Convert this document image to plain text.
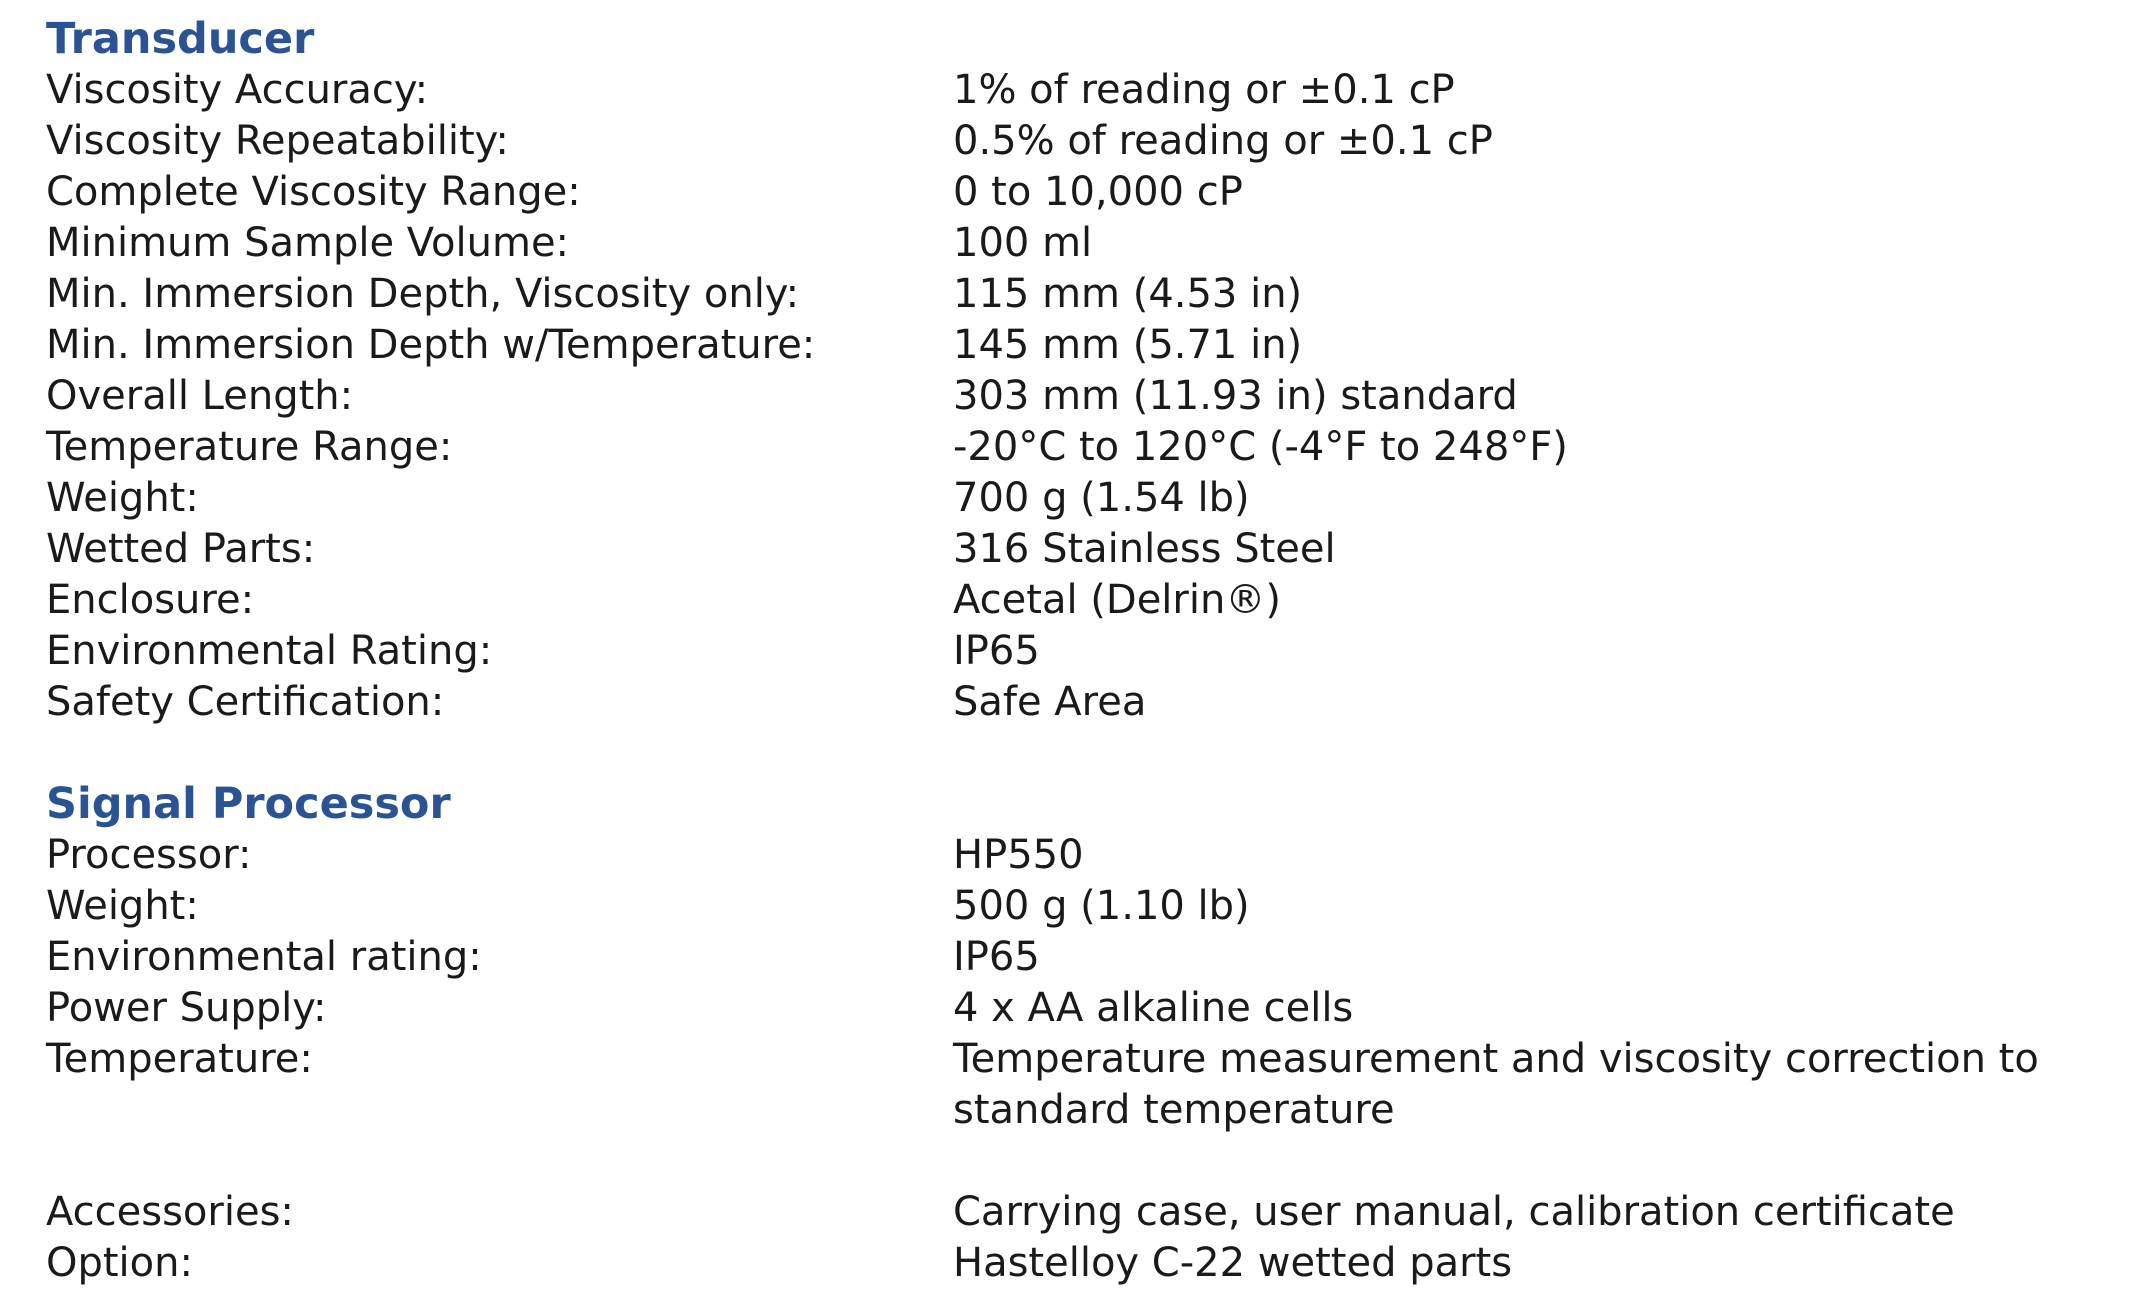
Transducer
Viscosity Accuracy:	1% of reading or ±0.1 cP
Viscosity Repeatability:	0.5% of reading or ±0.1 cP
Complete Viscosity Range:	0 to 10,000 cP
Minimum Sample Volume:	100 ml
Min. Immersion Depth, Viscosity only:	115 mm (4.53 in)
Min. Immersion Depth w/Temperature:	145 mm (5.71 in)
Overall Length:	303 mm (11.93 in) standard
Temperature Range:	-20°C to 120°C (-4°F to 248°F)
Weight:	700 g (1.54 lb)
Wetted Parts:	316 Stainless Steel
Enclosure:	Acetal (Delrin®)
Environmental Rating:	IP65
Safety Certification:	Safe Area
Signal Processor
Processor:	HP550
Weight:	500 g (1.10 lb)
Environmental rating:	IP65
Power Supply:	4 x AA alkaline cells
Temperature:	Temperature measurement and viscosity correction to standard temperature
Accessories:	Carrying case, user manual, calibration certificate
Option:	Hastelloy C-22 wetted parts
